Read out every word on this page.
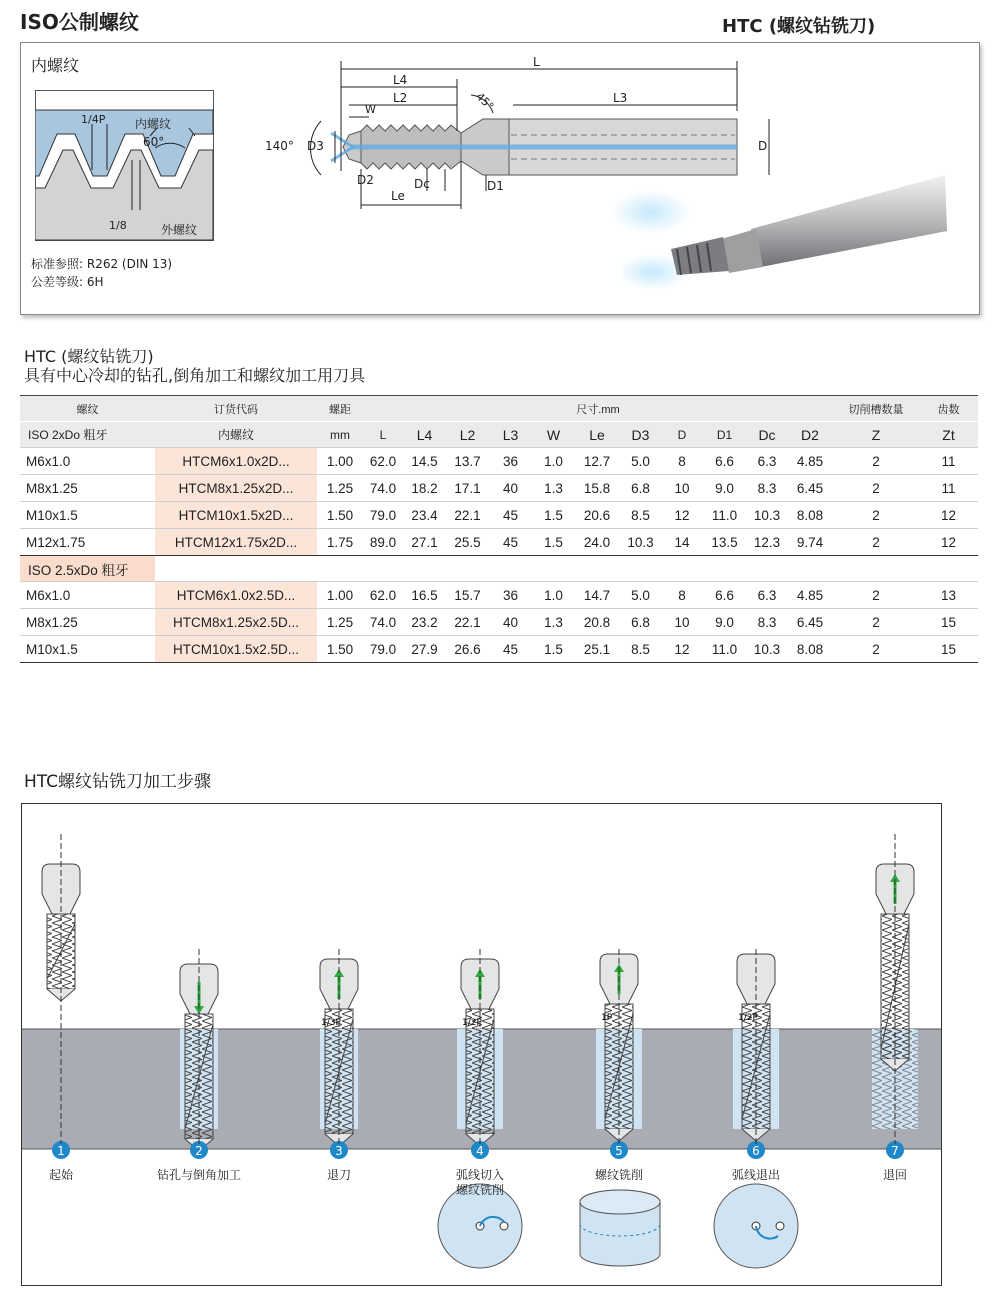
ISO公制螺纹	HTC (螺纹钻铣刀)
内螺纹
1/4P 内螺纹
60°
1/8	外螺纹
标准参照: R262 (DIN 13)
公差等级: 6H
L
L4
L2	L3
W	45°
D3
140°	D
D2	Dc	D1
Le
HTC (螺纹钻铣刀)
具有中心冷却的钻孔,倒角加工和螺纹加工用刀具
螺纹	订货代码	螺距	尺寸.mm											切削槽数量	齿数
ISO 2xDo 粗牙	内螺纹	mm	L	L4	L2	L3	W	Le	D3	D	D1	Dc	D2	Z	Zt
M6x1.0	HTCM6x1.0x2D...	1.00	62.0	14.5	13.7	36	1.0	12.7	5.0	8	6.6	6.3	4.85	2	11
M8x1.25	HTCM8x1.25x2D...	1.25	74.0	18.2	17.1	40	1.3	15.8	6.8	10	9.0	8.3	6.45	2	11
M10x1.5	HTCM10x1.5x2D...	1.50	79.0	23.4	22.1	45	1.5	20.6	8.5	12	11.0	10.3	8.08	2	12
M12x1.75	HTCM12x1.75x2D...	1.75	89.0	27.1	25.5	45	1.5	24.0	10.3	14	13.5	12.3	9.74	2	12
ISO 2.5xDo 粗牙															
M6x1.0	HTCM6x1.0x2.5D...	1.00	62.0	16.5	15.7	36	1.0	14.7	5.0	8	6.6	6.3	4.85	2	13
M8x1.25	HTCM8x1.25x2.5D...	1.25	74.0	23.2	22.1	40	1.3	20.8	6.8	10	9.0	8.3	6.45	2	15
M10x1.5	HTCM10x1.5x2.5D...	1.50	79.0	27.9	26.6	45	1.5	25.1	8.5	12	11.0	10.3	8.08	2	15
HTC螺纹钻铣刀加工步骤
1	2	3
1/3P
4
1/2P
5
1P
6
1/2P
7
起始	钻孔与倒角加工	退刀	弧线切入
螺纹铣削
螺纹铣削	弧线退出	退回
